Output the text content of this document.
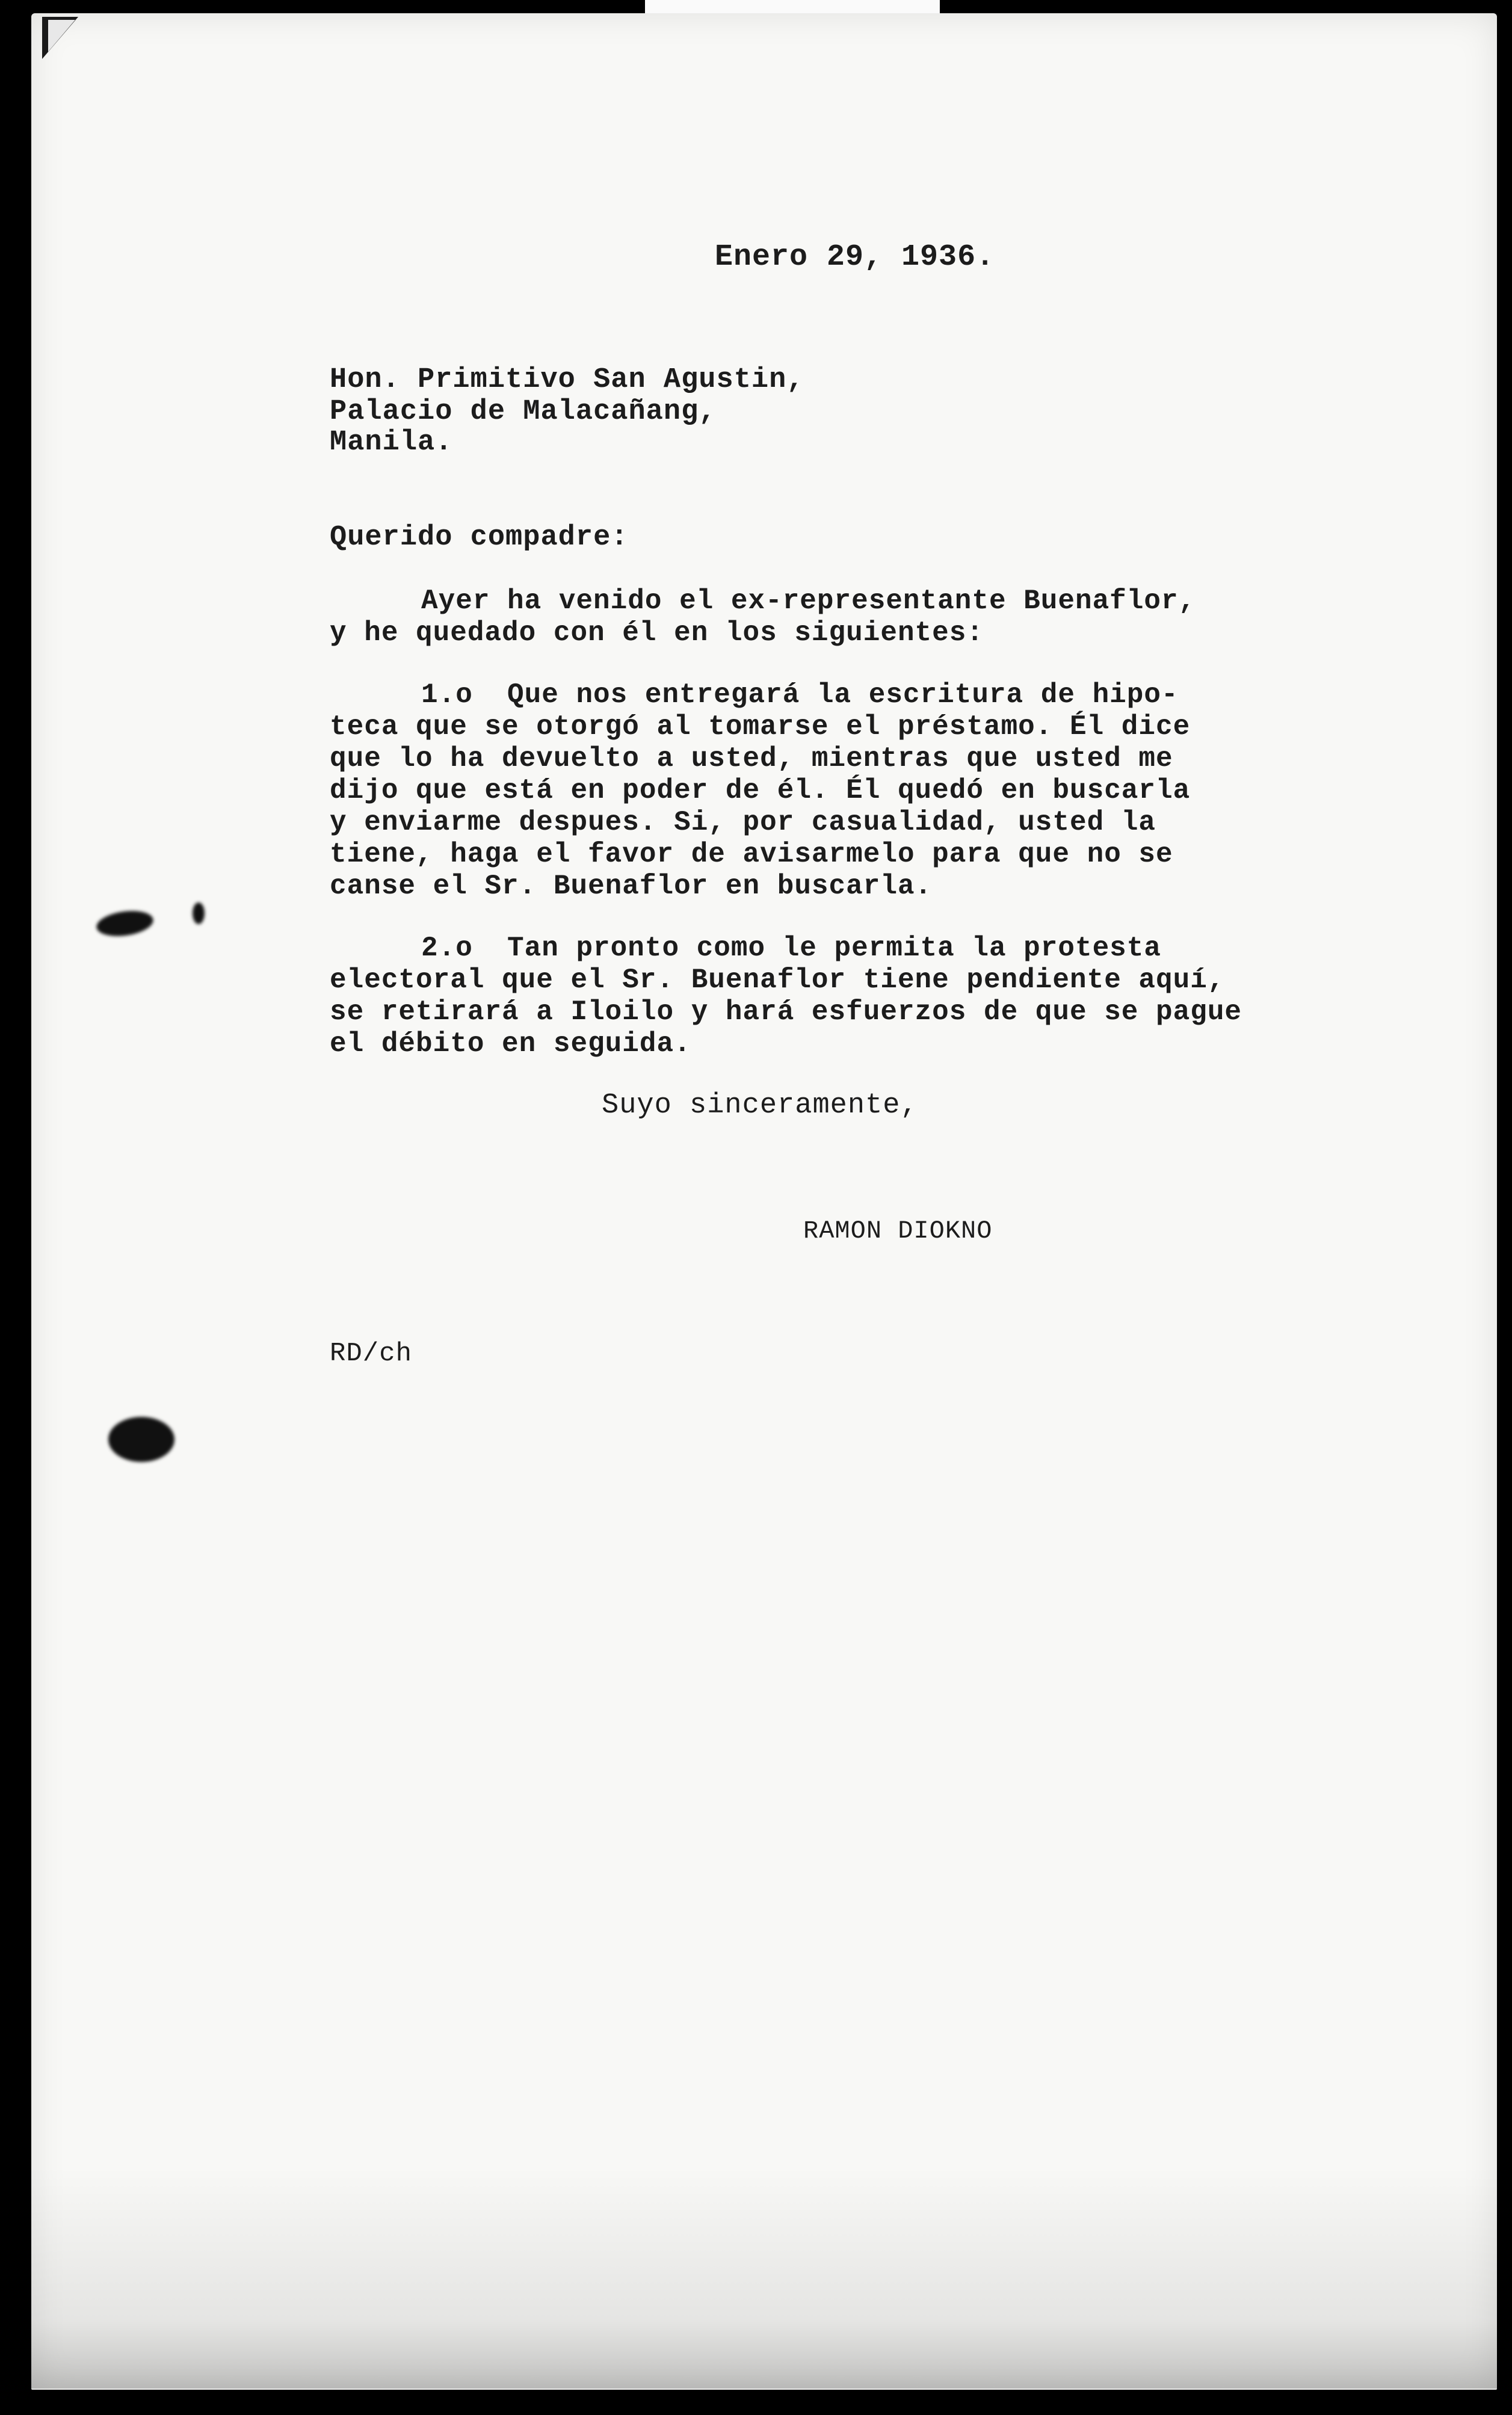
Enero 29, 1936.
Hon. Primitivo San Agustin,
Palacio de Malacañang,
Manila.
Querido compadre:
Ayer ha venido el ex-representante Buenaflor,
y he quedado con él en los siguientes:
1.o  Que nos entregará la escritura de hipo-
teca que se otorgó al tomarse el préstamo. Él dice
que lo ha devuelto a usted, mientras que usted me
dijo que está en poder de él. Él quedó en buscarla
y enviarme despues. Si, por casualidad, usted la
tiene, haga el favor de avisarmelo para que no se
canse el Sr. Buenaflor en buscarla.
2.o  Tan pronto como le permita la protesta
electoral que el Sr. Buenaflor tiene pendiente aquí,
se retirará a Iloilo y hará esfuerzos de que se pague
el débito en seguida.
Suyo sinceramente,
RAMON DIOKNO
RD/ch
